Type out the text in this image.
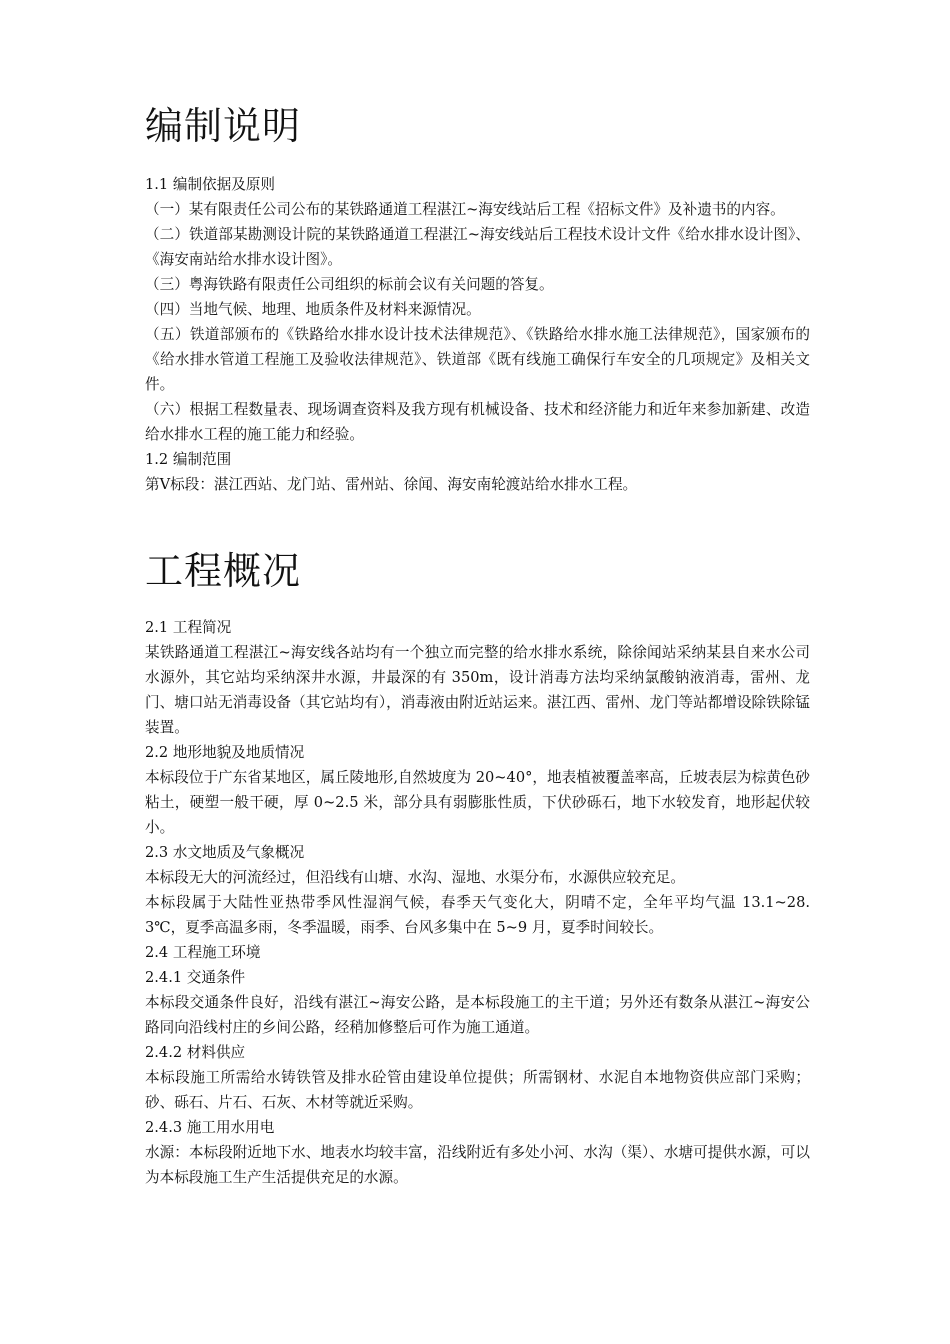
编制说明

1.1 编制依据及原则

（一）某有限责任公司公布的某铁路通道工程湛江~海安线站后工程《招标文件》及补遗书的内容。

（二）铁道部某勘测设计院的某铁路通道工程湛江~海安线站后工程技术设计文件《给水排水设计图》、《海安南站给水排水设计图》。

（三）粤海铁路有限责任公司组织的标前会议有关问题的答复。

（四）当地气候、地理、地质条件及材料来源情况。

（五）铁道部颁布的《铁路给水排水设计技术法律规范》、《铁路给水排水施工法律规范》，国家颁布的《给水排水管道工程施工及验收法律规范》、铁道部《既有线施工确保行车安全的几项规定》及相关文件。

（六）根据工程数量表、现场调查资料及我方现有机械设备、技术和经济能力和近年来参加新建、改造给水排水工程的施工能力和经验。

1.2 编制范围

第Ⅴ标段：湛江西站、龙门站、雷州站、徐闻、海安南轮渡站给水排水工程。

工程概况

2.1 工程简况

某铁路通道工程湛江~海安线各站均有一个独立而完整的给水排水系统，除徐闻站采纳某县自来水公司水源外，其它站均采纳深井水源，井最深的有 350m，设计消毒方法均采纳氯酸钠液消毒，雷州、龙门、塘口站无消毒设备（其它站均有），消毒液由附近站运来。湛江西、雷州、龙门等站都增设除铁除锰装置。

2.2 地形地貌及地质情况

本标段位于广东省某地区，属丘陵地形,自然坡度为 20~40°，地表植被覆盖率高，丘坡表层为棕黄色砂粘土，硬塑一般干硬，厚 0~2.5 米，部分具有弱膨胀性质，下伏砂砾石，地下水较发育，地形起伏较小。

2.3 水文地质及气象概况

本标段无大的河流经过，但沿线有山塘、水沟、湿地、水渠分布，水源供应较充足。

本标段属于大陆性亚热带季风性湿润气候，春季天气变化大，阴晴不定，全年平均气温 13.1~28.3℃，夏季高温多雨，冬季温暖，雨季、台风多集中在 5~9 月，夏季时间较长。

2.4 工程施工环境

2.4.1 交通条件

本标段交通条件良好，沿线有湛江~海安公路，是本标段施工的主干道；另外还有数条从湛江~海安公路同向沿线村庄的乡间公路，经稍加修整后可作为施工通道。

2.4.2 材料供应

本标段施工所需给水铸铁管及排水砼管由建设单位提供；所需钢材、水泥自本地物资供应部门采购；砂、砾石、片石、石灰、木材等就近采购。

2.4.3 施工用水用电

水源：本标段附近地下水、地表水均较丰富，沿线附近有多处小河、水沟（渠）、水塘可提供水源，可以为本标段施工生产生活提供充足的水源。
